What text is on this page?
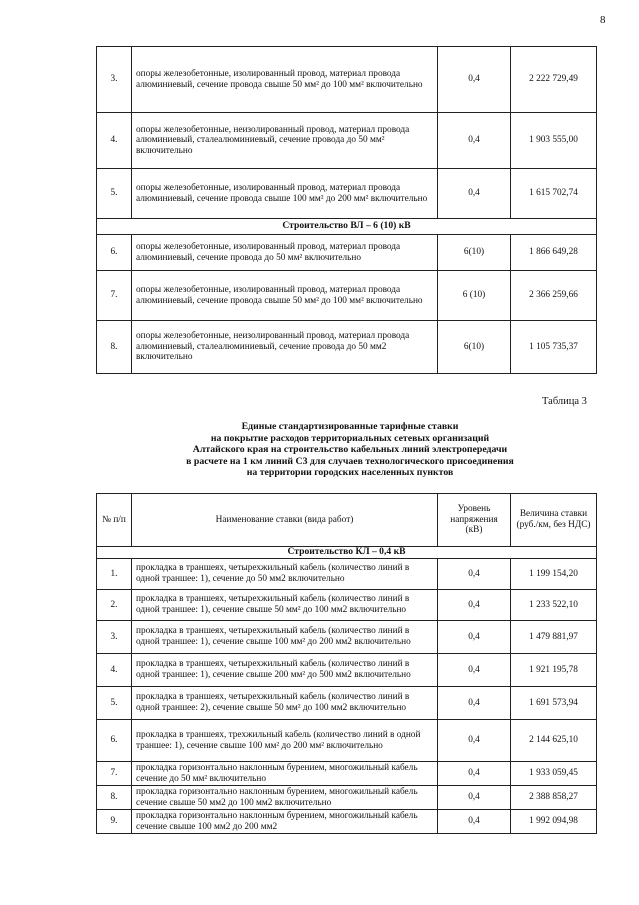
8
3.	опоры железобетонные, изолированный провод, материал провода алюминиевый, сечение провода свыше 50 мм² до 100 мм² включительно	0,4	2 222 729,49
4.	опоры железобетонные, неизолированный провод, материал провода алюминиевый, сталеалюминиевый, сечение провода до 50 мм² включительно	0,4	1 903 555,00
5.	опоры железобетонные, изолированный провод, материал провода алюминиевый, сечение провода свыше 100 мм² до 200 мм² включительно	0,4	1 615 702,74
Строительство ВЛ – 6 (10) кВ			
6.	опоры железобетонные, изолированный провод, материал провода алюминиевый, сечение провода до 50 мм² включительно	6(10)	1 866 649,28
7.	опоры железобетонные, изолированный провод, материал провода алюминиевый, сечение провода свыше 50 мм² до 100 мм² включительно	6 (10)	2 366 259,66
8.	опоры железобетонные, неизолированный провод, материал провода алюминиевый, сталеалюминиевый, сечение провода до 50 мм2 включительно	6(10)	1 105 735,37
Таблица 3
Единые стандартизированные тарифные ставки
на покрытие расходов территориальных сетевых организаций
Алтайского края на строительство кабельных линий электропередачи
в расчете на 1 км линий С3 для случаев технологического присоединения
на территории городских населенных пунктов
№ п/п	Наименование ставки (вида работ)	Уровень напряжения (кВ)	Величина ставки (руб./км, без НДС)
Строительство КЛ – 0,4 кВ			
1.	прокладка в траншеях, четырехжильный кабель (количество линий в одной траншее: 1), сечение до 50 мм2 включительно	0,4	1 199 154,20
2.	прокладка в траншеях, четырехжильный кабель (количество линий в одной траншее: 1), сечение свыше 50 мм² до 100 мм2 включительно	0,4	1 233 522,10
3.	прокладка в траншеях, четырехжильный кабель (количество линий в одной траншее: 1), сечение свыше 100 мм² до 200 мм2 включительно	0,4	1 479 881,97
4.	прокладка в траншеях, четырехжильный кабель (количество линий в одной траншее: 1), сечение свыше 200 мм² до 500 мм2 включительно	0,4	1 921 195,78
5.	прокладка в траншеях, четырехжильный кабель (количество линий в одной траншее: 2), сечение свыше 50 мм² до 100 мм2 включительно	0,4	1 691 573,94
6.	прокладка в траншеях, трехжильный кабель (количество линий в одной траншее: 1), сечение свыше 100 мм² до 200 мм² включительно	0,4	2 144 625,10
7.	прокладка горизонтально наклонным бурением, многожильный кабель сечение до 50 мм² включительно	0,4	1 933 059,45
8.	прокладка горизонтально наклонным бурением, многожильный кабель сечение свыше 50 мм2 до 100 мм2 включительно	0,4	2 388 858,27
9.	прокладка горизонтально наклонным бурением, многожильный кабель сечение свыше 100 мм2 до 200 мм2	0,4	1 992 094,98
